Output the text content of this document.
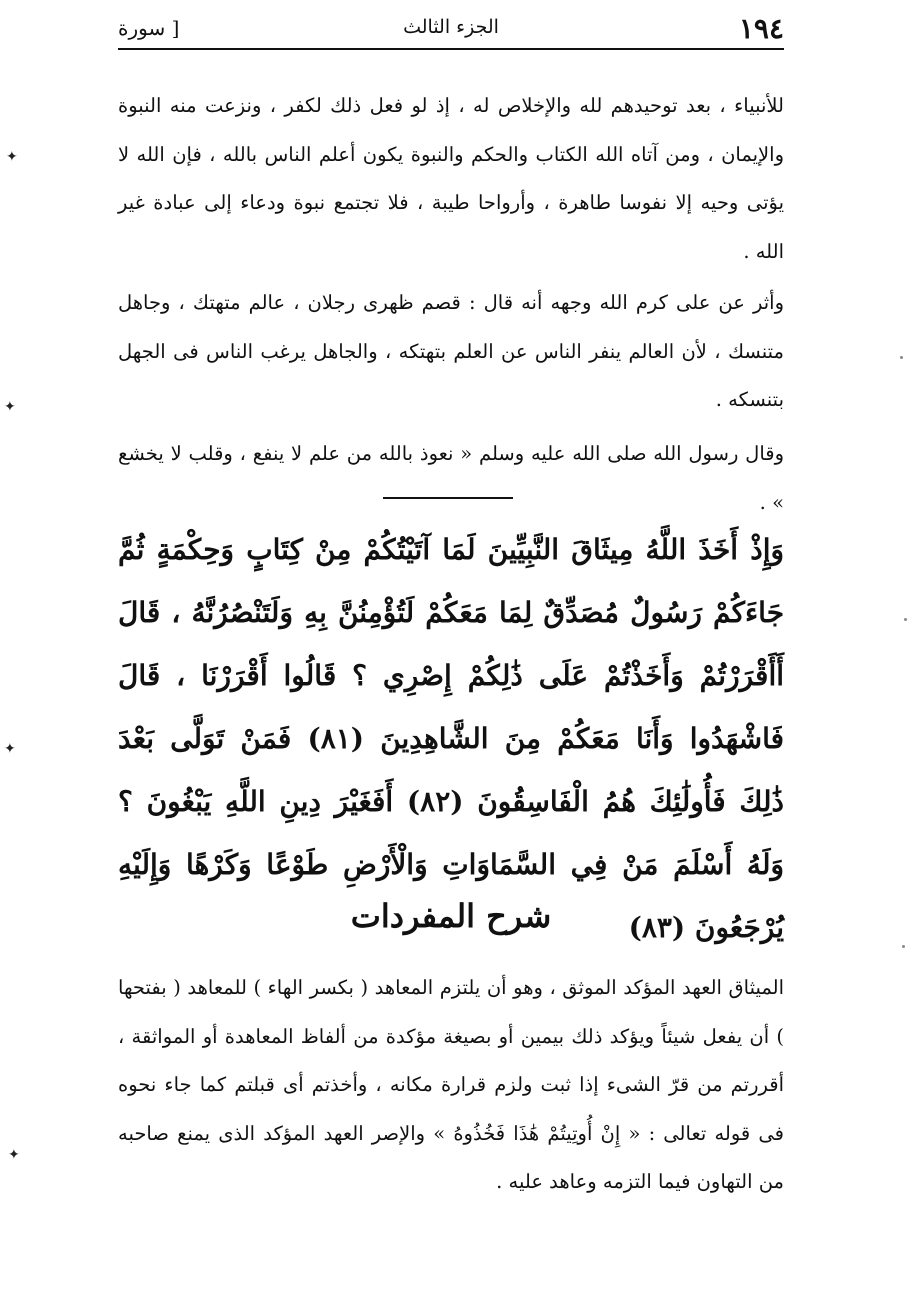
١٩٤
الجزء الثالث
[ سورة

للأنبياء ، بعد توحيدهم لله والإخلاص له ، إذ لو فعل ذلك لكفر ، ونزعت منه النبوة والإيمان ، ومن آتاه الله الكتاب والحكم والنبوة يكون أعلم الناس بالله ، فإن الله لا يؤتى وحيه إلا نفوسا طاهرة ، وأرواحا طيبة ، فلا تجتمع نبوة ودعاء إلى عبادة غير الله .

وأثر عن على كرم الله وجهه أنه قال : قصم ظهرى رجلان ، عالم متهتك ، وجاهل متنسك ، لأن العالم ينفر الناس عن العلم بتهتكه ، والجاهل يرغب الناس فى الجهل بتنسكه .

وقال رسول الله صلى الله عليه وسلم « نعوذ بالله من علم لا ينفع ، وقلب لا يخشع » .

وَإِذْ أَخَذَ اللَّهُ مِيثَاقَ النَّبِيِّينَ لَمَا آتَيْتُكُمْ مِنْ كِتَابٍ وَحِكْمَةٍ ثُمَّ جَاءَكُمْ رَسُولٌ مُصَدِّقٌ لِمَا مَعَكُمْ لَتُؤْمِنُنَّ بِهِ وَلَتَنْصُرُنَّهُ ، قَالَ أَأَقْرَرْتُمْ وَأَخَذْتُمْ عَلَى ذَٰلِكُمْ إِصْرِي ؟ قَالُوا أَقْرَرْنَا ، قَالَ فَاشْهَدُوا وَأَنَا مَعَكُمْ مِنَ الشَّاهِدِينَ (٨١) فَمَنْ تَوَلَّى بَعْدَ ذَٰلِكَ فَأُولَٰئِكَ هُمُ الْفَاسِقُونَ (٨٢) أَفَغَيْرَ دِينِ اللَّهِ يَبْغُونَ ؟ وَلَهُ أَسْلَمَ مَنْ فِي السَّمَاوَاتِ وَالْأَرْضِ طَوْعًا وَكَرْهًا وَإِلَيْهِ يُرْجَعُونَ (٨٣)

شرح المفردات

الميثاق العهد المؤكد الموثق ، وهو أن يلتزم المعاهد ( بكسر الهاء ) للمعاهد ( بفتحها ) أن يفعل شيئاً ويؤكد ذلك بيمين أو بصيغة مؤكدة من ألفاظ المعاهدة أو المواثقة ، أقررتم من قرّ الشىء إذا ثبت ولزم قرارة مكانه ، وأخذتم أى قبلتم كما جاء نحوه فى قوله تعالى : « إِنْ أُوتِيتُمْ هَٰذَا فَخُذُوهُ » والإصر العهد المؤكد الذى يمنع صاحبه من التهاون فيما التزمه وعاهد عليه .

✦
✦
✦
✦
